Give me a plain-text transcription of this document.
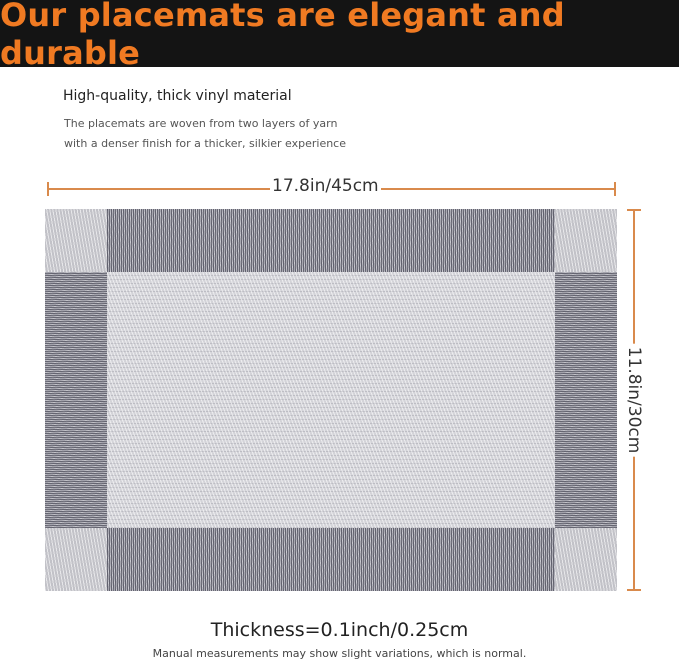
Our placemats are elegant and durable
High-quality, thick vinyl material
The placemats are woven from two layers of yarn
with a denser finish for a thicker, silkier experience
17.8in/45cm
11.8in/30cm
Thickness=0.1inch/0.25cm
Manual measurements may show slight variations, which is normal.
